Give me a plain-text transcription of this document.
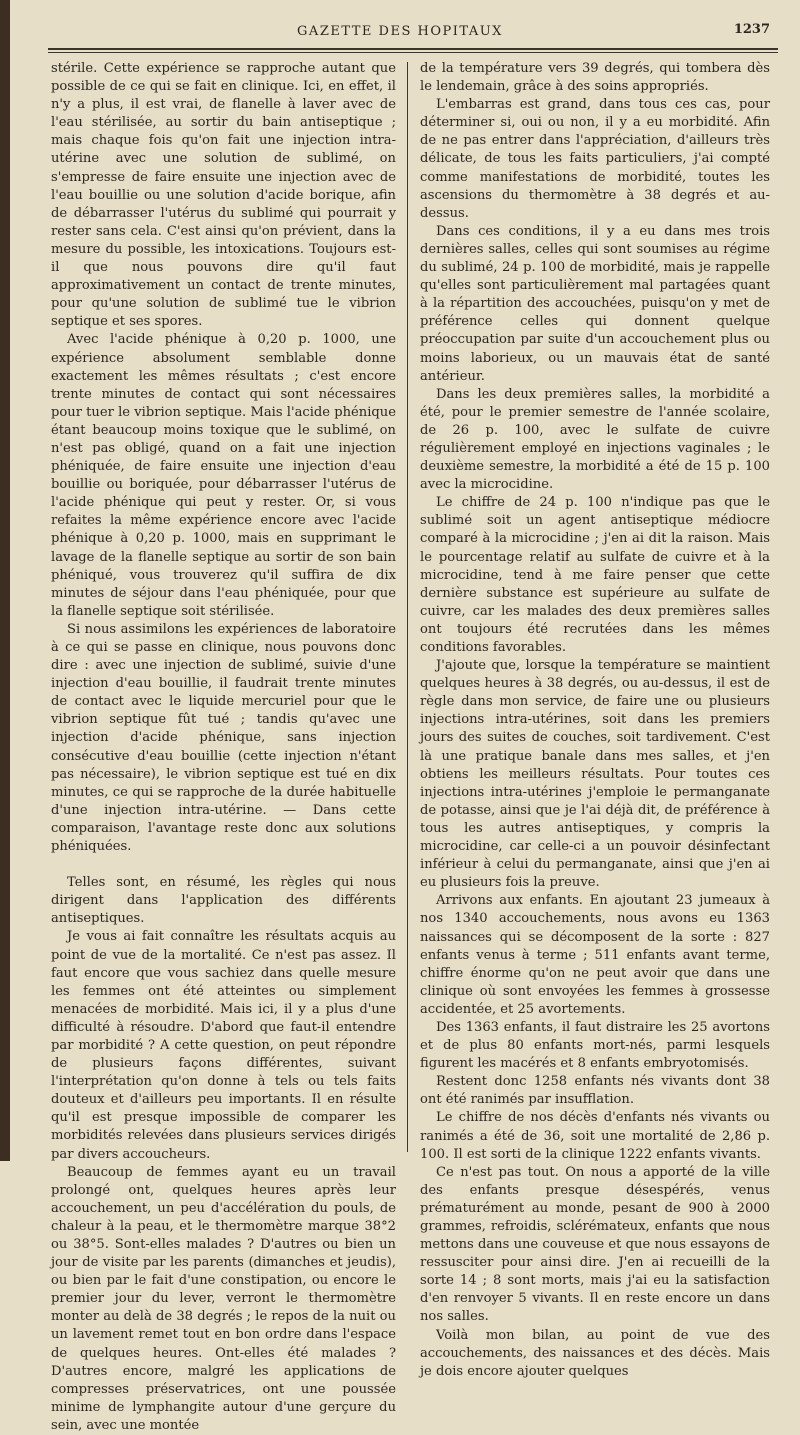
GAZETTE DES HOPITAUX	1237

stérile. Cette expérience se rapproche autant que possible de ce qui se fait en clinique. Ici, en effet, il n'y a plus, il est vrai, de flanelle à laver avec de l'eau stérilisée, au sortir du bain antiseptique ; mais chaque fois qu'on fait une injection intra-utérine avec une solution de sublimé, on s'empresse de faire ensuite une injection avec de l'eau bouillie ou une solution d'acide borique, afin de débarrasser l'utérus du sublimé qui pourrait y rester sans cela. C'est ainsi qu'on prévient, dans la mesure du possible, les intoxications. Toujours est-il que nous pouvons dire qu'il faut approximativement un contact de trente minutes, pour qu'une solution de sublimé tue le vibrion septique et ses spores.

Avec l'acide phénique à 0,20 p. 1000, une expérience absolument semblable donne exactement les mêmes résultats ; c'est encore trente minutes de contact qui sont nécessaires pour tuer le vibrion septique. Mais l'acide phénique étant beaucoup moins toxique que le sublimé, on n'est pas obligé, quand on a fait une injection phéniquée, de faire ensuite une injection d'eau bouillie ou boriquée, pour débarrasser l'utérus de l'acide phénique qui peut y rester. Or, si vous refaites la même expérience encore avec l'acide phénique à 0,20 p. 1000, mais en supprimant le lavage de la flanelle septique au sortir de son bain phéniqué, vous trouverez qu'il suffira de dix minutes de séjour dans l'eau phéniquée, pour que la flanelle septique soit stérilisée.

Si nous assimilons les expériences de laboratoire à ce qui se passe en clinique, nous pouvons donc dire : avec une injection de sublimé, suivie d'une injection d'eau bouillie, il faudrait trente minutes de contact avec le liquide mercuriel pour que le vibrion septique fût tué ; tandis qu'avec une injection d'acide phénique, sans injection consécutive d'eau bouillie (cette injection n'étant pas nécessaire), le vibrion septique est tué en dix minutes, ce qui se rapproche de la durée habituelle d'une injection intra-utérine. — Dans cette comparaison, l'avantage reste donc aux solutions phéniquées.

Telles sont, en résumé, les règles qui nous dirigent dans l'application des différents antiseptiques.

Je vous ai fait connaître les résultats acquis au point de vue de la mortalité. Ce n'est pas assez. Il faut encore que vous sachiez dans quelle mesure les femmes ont été atteintes ou simplement menacées de morbidité. Mais ici, il y a plus d'une difficulté à résoudre. D'abord que faut-il entendre par morbidité ? A cette question, on peut répondre de plusieurs façons différentes, suivant l'interprétation qu'on donne à tels ou tels faits douteux et d'ailleurs peu importants. Il en résulte qu'il est presque impossible de comparer les morbidités relevées dans plusieurs services dirigés par divers accoucheurs.

Beaucoup de femmes ayant eu un travail prolongé ont, quelques heures après leur accouchement, un peu d'accélération du pouls, de chaleur à la peau, et le thermomètre marque 38°2 ou 38°5. Sont-elles malades ? D'autres ou bien un jour de visite par les parents (dimanches et jeudis), ou bien par le fait d'une constipation, ou encore le premier jour du lever, verront le thermomètre monter au delà de 38 degrés ; le repos de la nuit ou un lavement remet tout en bon ordre dans l'espace de quelques heures. Ont-elles été malades ? D'autres encore, malgré les applications de compresses préservatrices, ont une poussée minime de lymphangite autour d'une gerçure du sein, avec une montée

de la température vers 39 degrés, qui tombera dès le lendemain, grâce à des soins appropriés.

L'embarras est grand, dans tous ces cas, pour déterminer si, oui ou non, il y a eu morbidité. Afin de ne pas entrer dans l'appréciation, d'ailleurs très délicate, de tous les faits particuliers, j'ai compté comme manifestations de morbidité, toutes les ascensions du thermomètre à 38 degrés et au-dessus.

Dans ces conditions, il y a eu dans mes trois dernières salles, celles qui sont soumises au régime du sublimé, 24 p. 100 de morbidité, mais je rappelle qu'elles sont particulièrement mal partagées quant à la répartition des accouchées, puisqu'on y met de préférence celles qui donnent quelque préoccupation par suite d'un accouchement plus ou moins laborieux, ou un mauvais état de santé antérieur.

Dans les deux premières salles, la morbidité a été, pour le premier semestre de l'année scolaire, de 26 p. 100, avec le sulfate de cuivre régulièrement employé en injections vaginales ; le deuxième semestre, la morbidité a été de 15 p. 100 avec la microcidine.

Le chiffre de 24 p. 100 n'indique pas que le sublimé soit un agent antiseptique médiocre comparé à la microcidine ; j'en ai dit la raison. Mais le pourcentage relatif au sulfate de cuivre et à la microcidine, tend à me faire penser que cette dernière substance est supérieure au sulfate de cuivre, car les malades des deux premières salles ont toujours été recrutées dans les mêmes conditions favorables.

J'ajoute que, lorsque la température se maintient quelques heures à 38 degrés, ou au-dessus, il est de règle dans mon service, de faire une ou plusieurs injections intra-utérines, soit dans les premiers jours des suites de couches, soit tardivement. C'est là une pratique banale dans mes salles, et j'en obtiens les meilleurs résultats. Pour toutes ces injections intra-utérines j'emploie le permanganate de potasse, ainsi que je l'ai déjà dit, de préférence à tous les autres antiseptiques, y compris la microcidine, car celle-ci a un pouvoir désinfectant inférieur à celui du permanganate, ainsi que j'en ai eu plusieurs fois la preuve.

Arrivons aux enfants. En ajoutant 23 jumeaux à nos 1340 accouchements, nous avons eu 1363 naissances qui se décomposent de la sorte : 827 enfants venus à terme ; 511 enfants avant terme, chiffre énorme qu'on ne peut avoir que dans une clinique où sont envoyées les femmes à grossesse accidentée, et 25 avortements.

Des 1363 enfants, il faut distraire les 25 avortons et de plus 80 enfants mort-nés, parmi lesquels figurent les macérés et 8 enfants embryotomisés.

Restent donc 1258 enfants nés vivants dont 38 ont été ranimés par insufflation.

Le chiffre de nos décès d'enfants nés vivants ou ranimés a été de 36, soit une mortalité de 2,86 p. 100. Il est sorti de la clinique 1222 enfants vivants.

Ce n'est pas tout. On nous a apporté de la ville des enfants presque désespérés, venus prématurément au monde, pesant de 900 à 2000 grammes, refroidis, sclérémateux, enfants que nous mettons dans une couveuse et que nous essayons de ressusciter pour ainsi dire. J'en ai recueilli de la sorte 14 ; 8 sont morts, mais j'ai eu la satisfaction d'en renvoyer 5 vivants. Il en reste encore un dans nos salles.

Voilà mon bilan, au point de vue des accouchements, des naissances et des décès. Mais je dois encore ajouter quelques
